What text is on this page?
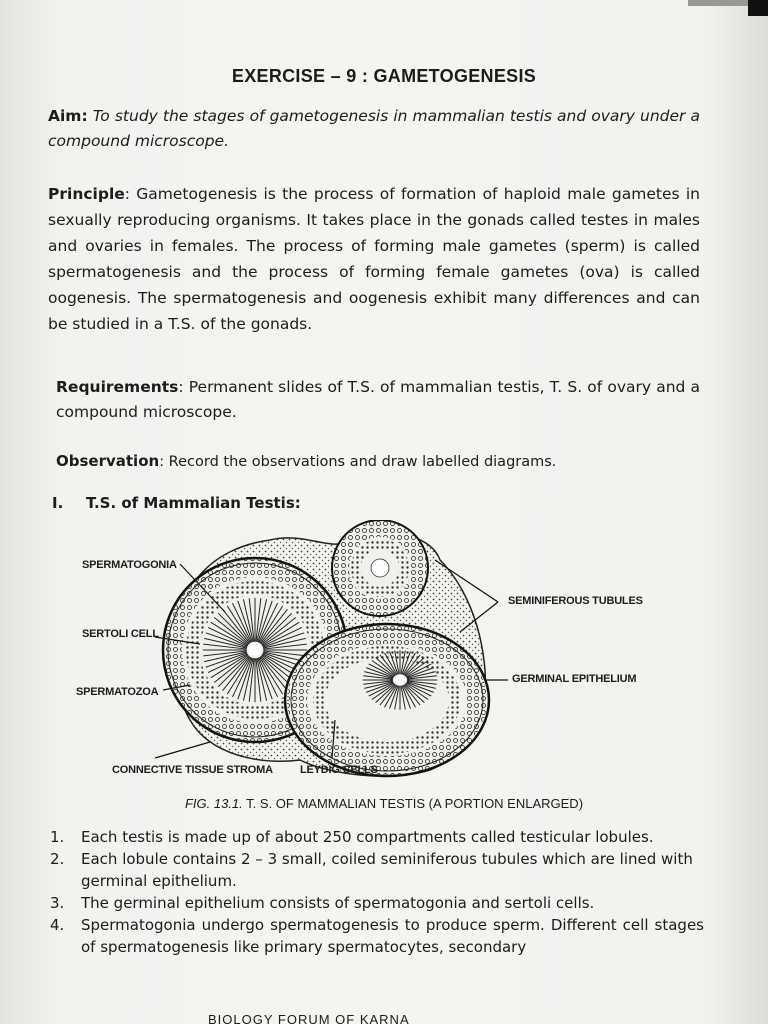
EXERCISE – 9 : GAMETOGENESIS
Aim: To study the stages of gametogenesis in mammalian testis and ovary under a compound microscope.
Principle: Gametogenesis is the process of formation of haploid male gametes in sexually reproducing organisms. It takes place in the gonads called testes in males and ovaries in females. The process of forming male gametes (sperm) is called spermatogenesis and the process of forming female gametes (ova) is called oogenesis. The spermatogenesis and oogenesis exhibit many differences and can be studied in a T.S. of the gonads.
Requirements: Permanent slides of T.S. of mammalian testis, T. S. of ovary and a compound microscope.
Observation: Record the observations and draw labelled diagrams.
I. T.S. of Mammalian Testis:
SPERMATOGONIA
SERTOLI CELL
SPERMATOZOA
SEMINIFEROUS TUBULES
GERMINAL EPITHELIUM
CONNECTIVE TISSUE STROMA LEYDIG CELLS
FIG. 13.1. T. S. OF MAMMALIAN TESTIS (A PORTION ENLARGED)
1.	Each testis is made up of about 250 compartments called testicular lobules.
2.	Each lobule contains 2 – 3 small, coiled seminiferous tubules which are lined with germinal epithelium.
3.	The germinal epithelium consists of spermatogonia and sertoli cells.
4.	Spermatogonia undergo spermatogenesis to produce sperm. Different cell stages of spermatogenesis like primary spermatocytes, secondary
BIOLOGY FORUM OF KARNA
